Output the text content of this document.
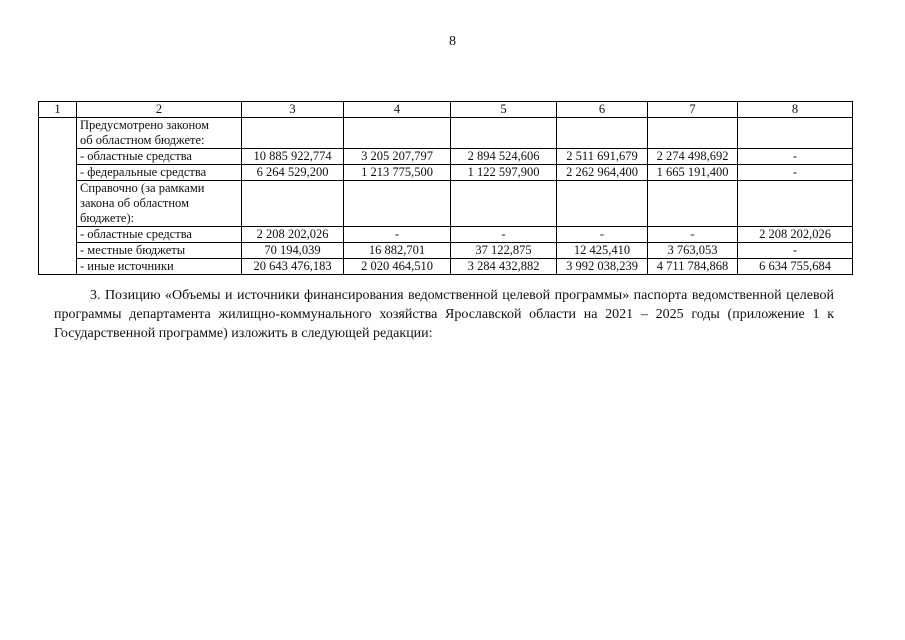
8
1	2	3	4	5	6	7	8

	Предусмотрено законом
об областном бюджете:						

	- областные средства	10 885 922,774	3 205 207,797	2 894 524,606	2 511 691,679	2 274 498,692	-
	- федеральные средства	6 264 529,200	1 213 775,500	1 122 597,900	2 262 964,400	1 665 191,400	-

	Справочно (за рамками
закона об областном
бюджете):						

	- областные средства	2 208 202,026	-	-	-	-	2 208 202,026
	- местные бюджеты	70 194,039	16 882,701	37 122,875	12 425,410	3 763,053	-
	- иные источники	20 643 476,183	2 020 464,510	3 284 432,882	3 992 038,239	4 711 784,868	6 634 755,684
3. Позицию «Объемы и источники финансирования ведомственной целевой программы» паспорта ведомственной целевой программы департамента жилищно-коммунального хозяйства Ярославской области на 2021 – 2025 годы (приложение 1 к Государственной программе) изложить в следующей редакции:
